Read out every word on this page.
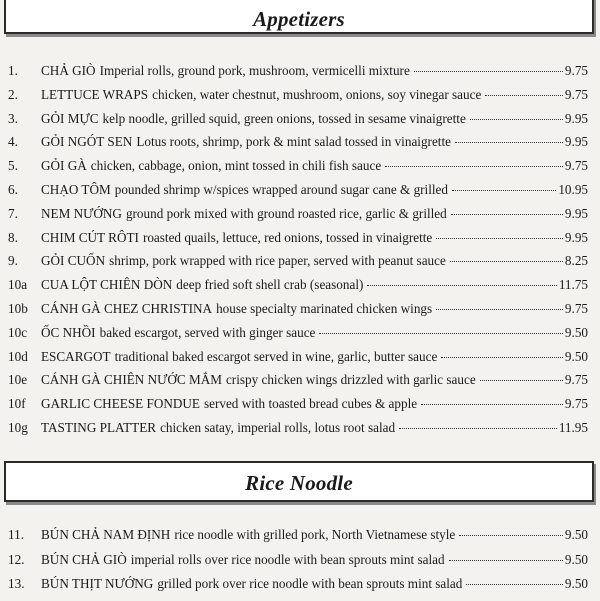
Appetizers
1.	CHẢ GIÒ Imperial rolls, ground pork, mushroom, vermicelli mixture	9.75
2.	LETTUCE WRAPS chicken, water chestnut, mushroom, onions, soy vinegar sauce	9.75
3.	GỎI MỰC kelp noodle, grilled squid, green onions, tossed in sesame vinaigrette	9.95
4.	GỎI NGÓT SEN Lotus roots, shrimp, pork & mint salad tossed in vinaigrette	9.95
5.	GỎI GÀ chicken, cabbage, onion, mint tossed in chili fish sauce	9.75
6.	CHẠO TÔM pounded shrimp w/spices wrapped around sugar cane & grilled	10.95
7.	NEM NƯỚNG ground pork mixed with ground roasted rice, garlic & grilled	9.95
8.	CHIM CÚT RÔTI roasted quails, lettuce, red onions, tossed in vinaigrette	9.95
9.	GỎI CUỐN shrimp, pork wrapped with rice paper, served with peanut sauce	8.25
10a	CUA LỘT CHIÊN DÒN deep fried soft shell crab (seasonal)	11.75
10b	CÁNH GÀ CHEZ CHRISTINA house specialty marinated chicken wings	9.75
10c	ỐC NHỒI baked escargot, served with ginger sauce	9.50
10d	ESCARGOT traditional baked escargot served in wine, garlic, butter sauce	9.50
10e	CÁNH GÀ CHIÊN NƯỚC MẮM crispy chicken wings drizzled with garlic sauce	9.75
10f	GARLIC CHEESE FONDUE served with toasted bread cubes & apple	9.75
10g	TASTING PLATTER chicken satay, imperial rolls, lotus root salad	11.95
Rice Noodle
11.	BÚN CHẢ NAM ĐỊNH rice noodle with grilled pork, North Vietnamese style	9.50
12.	BÚN CHẢ GIÒ imperial rolls over rice noodle with bean sprouts mint salad	9.50
13.	BÚN THỊT NƯỚNG grilled pork over rice noodle with bean sprouts mint salad	9.50
